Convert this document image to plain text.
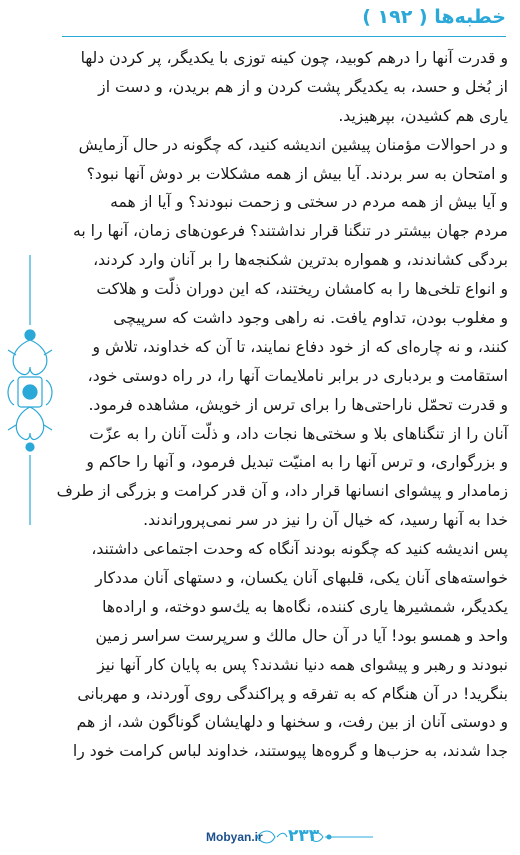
خطبه‌ها ( ۱۹۲ )
و قدرت آنها را درهم کوبید، چون کینه توزی با یکدیگر، پر کردن دلها
از بُخل و حسد، به یکدیگر پشت کردن و از هم بریدن، و دست از
یاری هم کشیدن، بپرهیزید.
و در احوالات مؤمنان پیشین اندیشه کنید، که چگونه در حال آزمایش
و امتحان به سر بردند. آیا بیش از همه مشکلات بر دوش آنها نبود؟
و آیا بیش از همه مردم در سختی و زحمت نبودند؟ و آیا از همه
مردم جهان بیشتر در تنگنا قرار نداشتند؟ فرعون‌های زمان، آنها را به
بردگی کشاندند، و همواره بدترین شکنجه‌ها را بر آنان وارد کردند،
و انواع تلخی‌ها را به کامشان ریختند، که این دوران ذلّت و هلاکت
و مغلوب بودن، تداوم یافت. نه راهی وجود داشت که سرپیچی
کنند، و نه چاره‌ای که از خود دفاع نمایند، تا آن که خداوند، تلاش و
استقامت و بردباری در برابر ناملایمات آنها را، در راه دوستی خود،
و قدرت تحمّل ناراحتی‌ها را برای ترس از خویش، مشاهده فرمود.
آنان را از تنگناهای بلا و سختی‌ها نجات داد، و ذلّت آنان را به عزّت
و بزرگواری، و ترس آنها را به امنیّت تبدیل فرمود، و آنها را حاکم و
زمامدار و پیشوای انسانها قرار داد، و آن قدر کرامت و بزرگی از طرف
خدا به آنها رسید، که خیال آن را نیز در سر نمی‌پروراندند.
پس اندیشه کنید که چگونه بودند آنگاه که وحدت اجتماعی داشتند،
خواسته‌های آنان یکی، قلبهای آنان یکسان، و دستهای آنان مددکار
یکدیگر، شمشیرها یاری کننده، نگاه‌ها به یك‌سو دوخته، و اراده‌ها
واحد و همسو بود! آیا در آن حال مالك و سرپرست سراسر زمین
نبودند و رهبر و پیشوای همه دنیا نشدند؟ پس به پایان کار آنها نیز
بنگرید! در آن هنگام که به تفرقه و پراکندگی روی آوردند، و مهربانی
و دوستی آنان از بین رفت، و سخنها و دلهایشان گوناگون شد، از هم
جدا شدند، به حزب‌ها و گروه‌ها پیوستند، خداوند لباس کرامت خود را
Mobyan.ir ۲۳۳
